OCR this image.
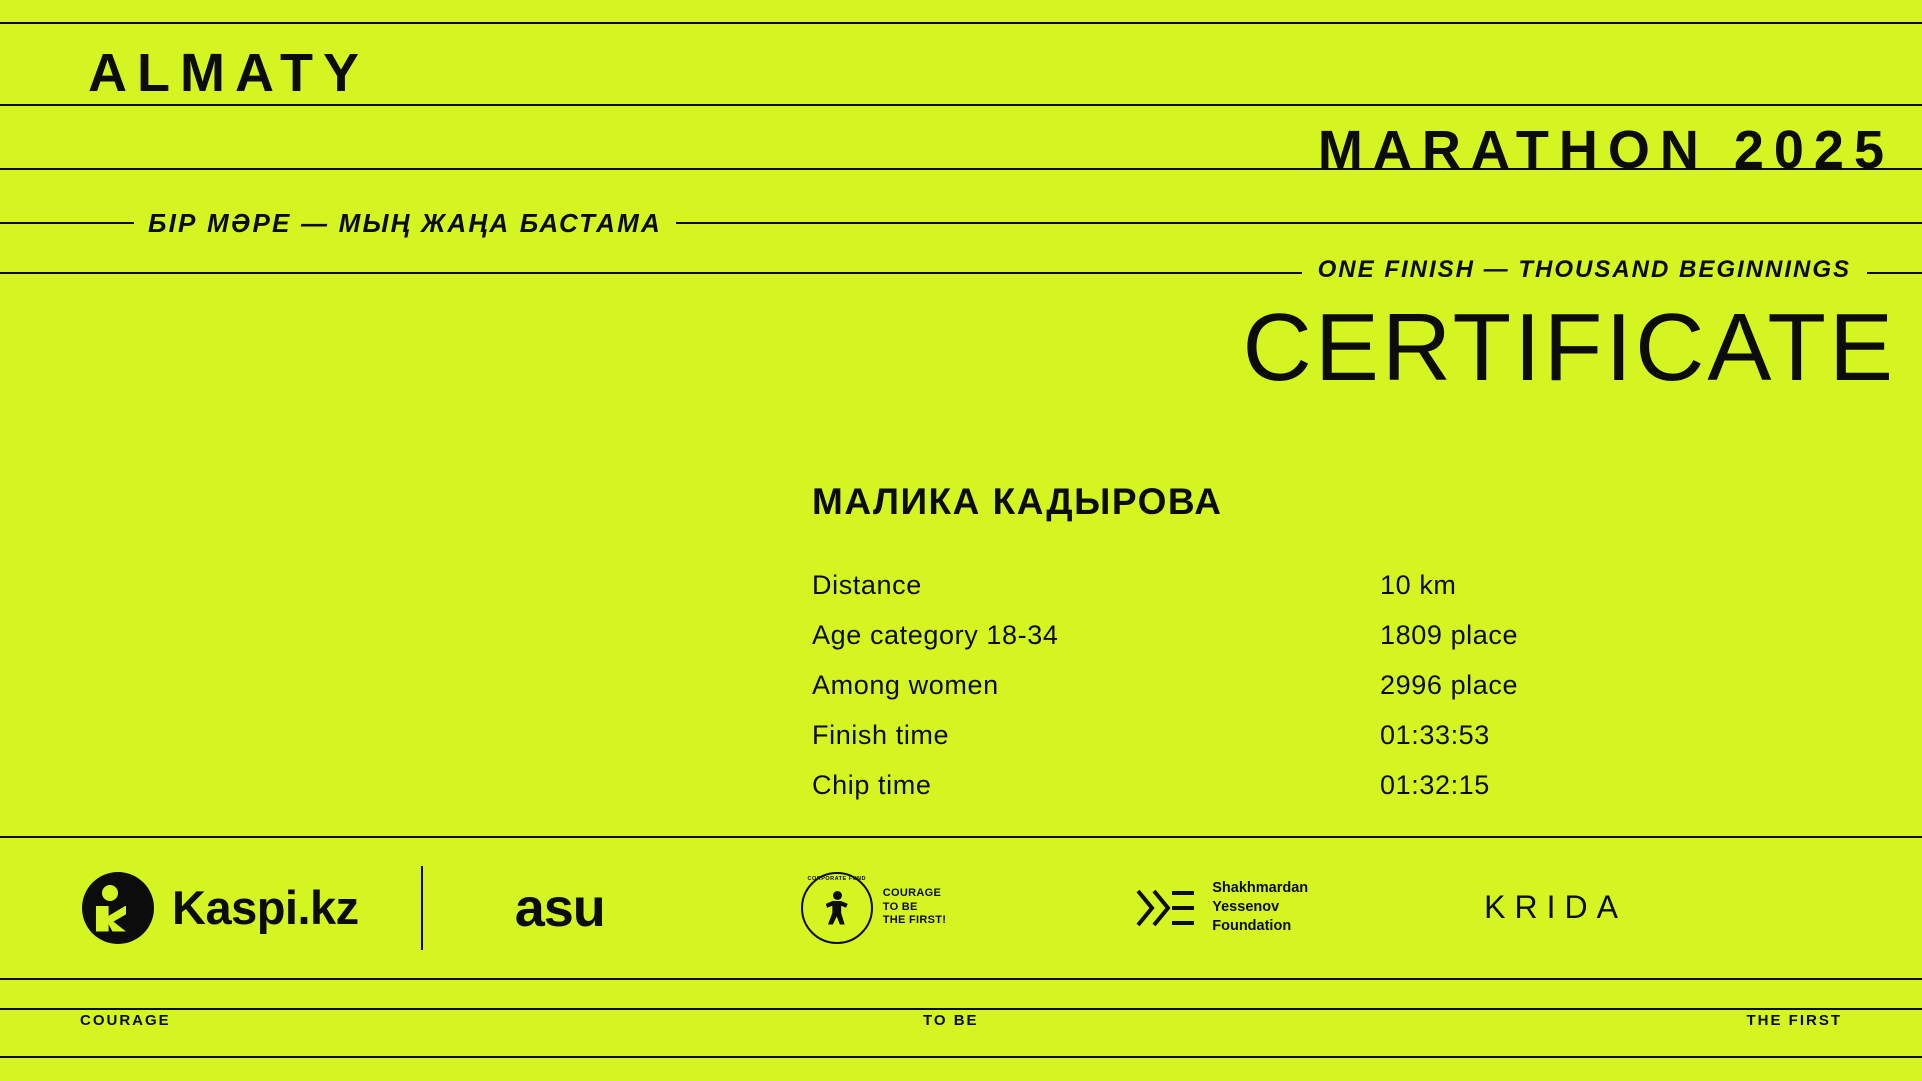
ALMATY
MARATHON 2025
БІР МӘРЕ — МЫҢ ЖАҢА БАСТАМА
ONE FINISH — THOUSAND BEGINNINGS
CERTIFICATE
МАЛИКА КАДЫРОВА
Distance	10 km
Age category 18-34	1809 place
Among women	2996 place
Finish time	01:33:53
Chip time	01:32:15
Kaspi.kz	asu	CORPORATE FUND
COURAGE
TO BE
THE FIRST!
Shakhmardan
Yessenov
Foundation
KRIDA
COURAGE	TO BE	THE FIRST
